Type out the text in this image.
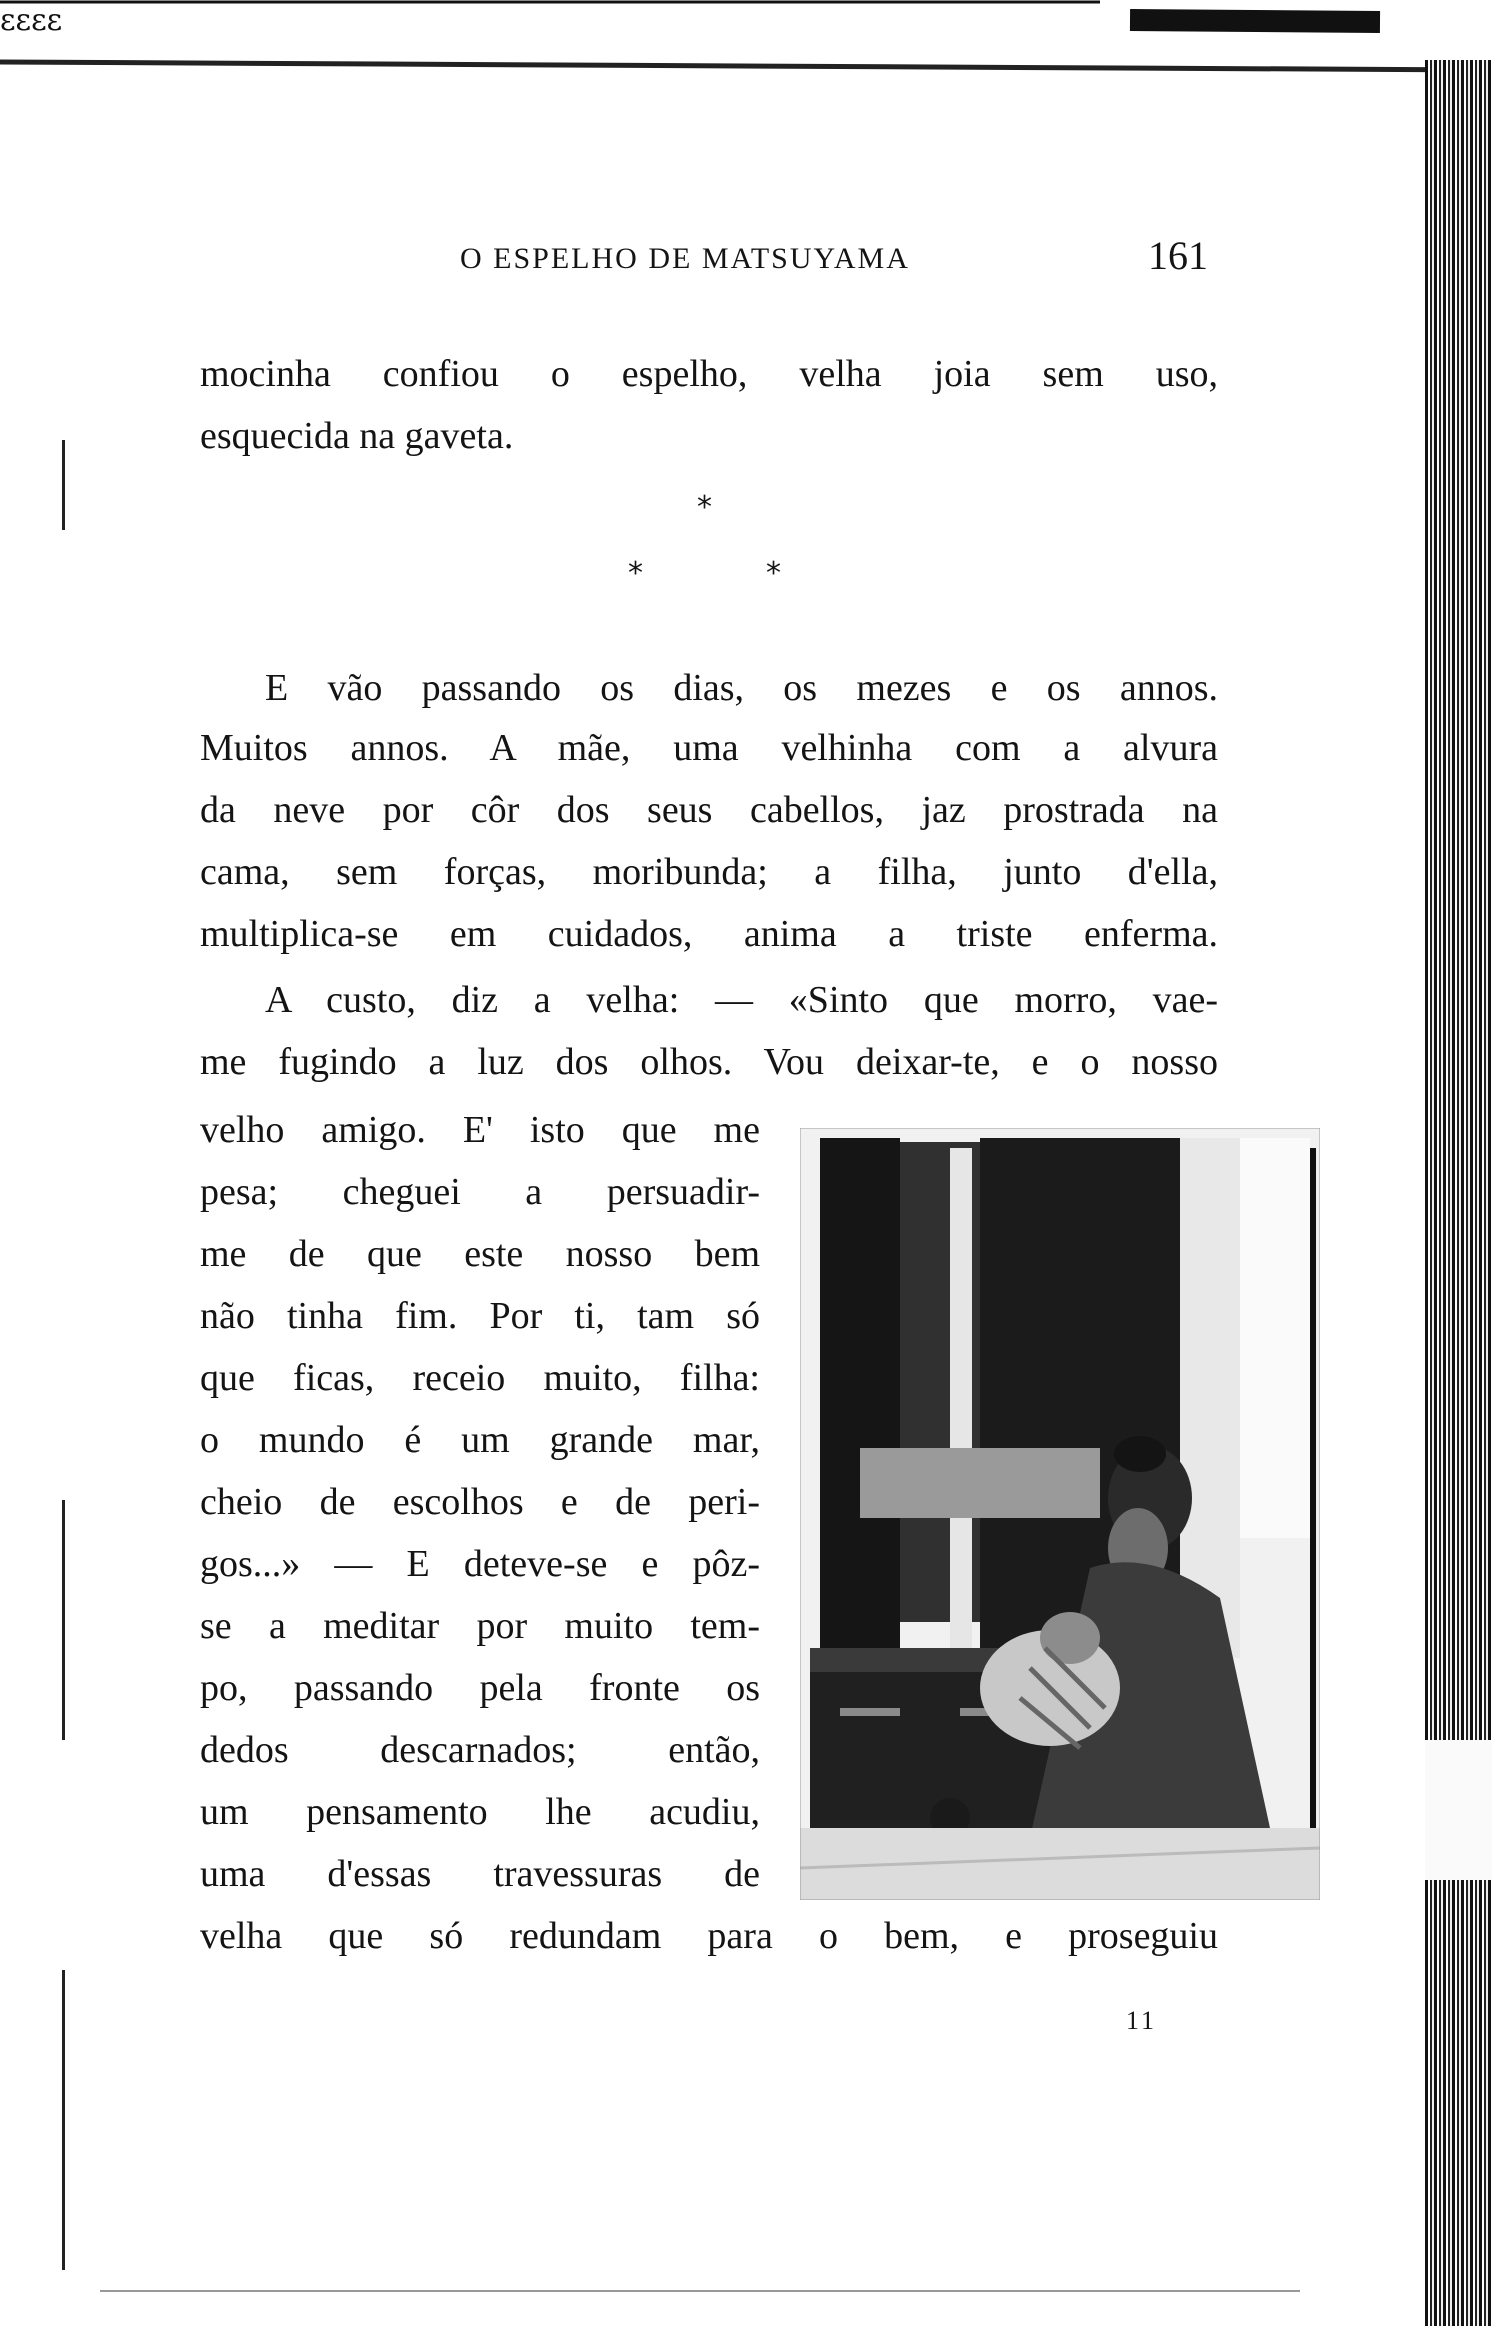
ɛɛɛɛ
O ESPELHO DE MATSUYAMA	161
mocinha confiou o espelho, velha joia sem uso,
esquecida na gaveta.
*
*	*
E vão passando os dias, os mezes e os annos.
Muitos annos. A mãe, uma velhinha com a alvura
da neve por côr dos seus cabellos, jaz prostrada na
cama, sem forças, moribunda; a filha, junto d'ella,
multiplica-se em cuidados, anima a triste enferma.
A custo, diz a velha: — «Sinto que morro, vae-
me fugindo a luz dos olhos. Vou deixar-te, e o nosso
velho amigo. E' isto que me
pesa; cheguei a persuadir-
me de que este nosso bem
não tinha fim. Por ti, tam só
que ficas, receio muito, filha:
o mundo é um grande mar,
cheio de escolhos e de peri-
gos...» — E deteve-se e pôz-
se a meditar por muito tem-
po, passando pela fronte os
dedos descarnados; então,
um pensamento lhe acudiu,
uma d'essas travessuras de
velha que só redundam para o bem, e proseguiu
11
